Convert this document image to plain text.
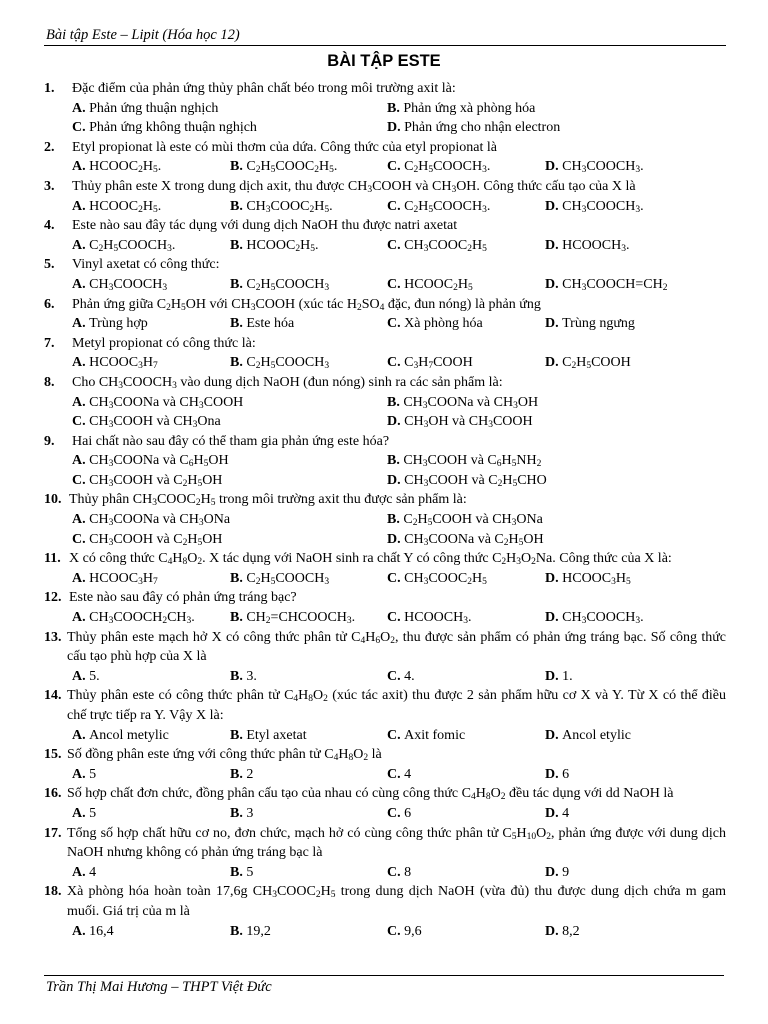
Bài tập Este – Lipit (Hóa học 12)
BÀI TẬP ESTE
1.	Đặc điểm của phản ứng thủy phân chất béo trong môi trường axit là:
A. Phản ứng thuận nghịch	B. Phản ứng xà phòng hóa
C. Phản ứng không thuận nghịch	D. Phản ứng cho nhận electron
2.	Etyl propionat là este có mùi thơm của dứa. Công thức của etyl propionat là
A. $HCOOC_2H_5$.	B. $C_2H_5COOC_2H_5$.	C. $C_2H_5COOCH_3$.	D. $CH_3COOCH_3$.
3.	Thủy phân este X trong dung dịch axit, thu được $CH_3COOH$ và $CH_3OH$. Công thức cấu tạo của X là
A. $HCOOC_2H_5$.	B. $CH_3COOC_2H_5$.	C. $C_2H_5COOCH_3$.	D. $CH_3COOCH_3$.
4.	Este nào sau đây tác dụng với dung dịch NaOH thu được natri axetat
A. $C_2H_5COOCH_3$.	B. $HCOOC_2H_5$.	C. $CH_3COOC_2H_5$	D. $HCOOCH_3$.
5.	Vinyl axetat có công thức:
A. $CH_3COOCH_3$	B. $C_2H_5COOCH_3$	C. $HCOOC_2H_5$	D. $CH_3COOCH=CH_2$
6.	Phản ứng giữa $C_2H_5OH$ với $CH_3COOH$ (xúc tác $H_2SO_4$ đặc, đun nóng) là phản ứng
A. Trùng hợp	B. Este hóa	C. Xà phòng hóa	D. Trùng ngưng
7.	Metyl propionat có công thức là:
A. $HCOOC_3H_7$	B. $C_2H_5COOCH_3$	C. $C_3H_7COOH$	D. $C_2H_5COOH$
8.	Cho $CH_3COOCH_3$ vào dung dịch NaOH (đun nóng) sinh ra các sản phẩm là:
A. $CH_3COONa$ và $CH_3COOH$	B. $CH_3COONa$ và $CH_3OH$
C. $CH_3COOH$ và $CH_3Ona$	D. $CH_3OH$ và $CH_3COOH$
9.	Hai chất nào sau đây có thể tham gia phản ứng este hóa?
A. $CH_3COONa$ và $C_6H_5OH$	B. $CH_3COOH$ và $C_6H_5NH_2$
C. $CH_3COOH$ và $C_2H_5OH$	D. $CH_3COOH$ và $C_2H_5CHO$
10. Thủy phân $CH_3COOC_2H_5$ trong môi trường axit thu được sản phẩm là:
A. $CH_3COONa$ và $CH_3ONa$	B. $C_2H_5COOH$ và $CH_3ONa$
C. $CH_3COOH$ và $C_2H_5OH$	D. $CH_3COONa$ và $C_2H_5OH$
11. X có công thức $C_4H_8O_2$. X tác dụng với NaOH sinh ra chất Y có công thức $C_2H_3O_2Na$. Công thức của X là:
A. $HCOOC_3H_7$	B. $C_2H_5COOCH_3$	C. $CH_3COOC_2H_5$	D. $HCOOC_3H_5$
12. Este nào sau đây có phản ứng tráng bạc?
A. $CH_3COOCH_2CH_3$.	B. $CH_2=CHCOOCH_3$.	C. $HCOOCH_3$.	D. $CH_3COOCH_3$.
13. Thủy phân este mạch hở X có công thức phân tử $C_4H_6O_2$, thu được sản phẩm có phản ứng tráng bạc. Số công thức cấu tạo phù hợp của X là
A. 5.	B. 3.	C. 4.	D. 1.
14. Thủy phân este có công thức phân tử $C_4H_8O_2$ (xúc tác axit) thu được 2 sản phẩm hữu cơ X và Y. Từ X có thể điều chế trực tiếp ra Y. Vậy X là:
A. Ancol metylic	B. Etyl axetat	C. Axit fomic	D. Ancol etylic
15. Số đồng phân este ứng với công thức phân tử $C_4H_8O_2$ là
A. 5	B. 2	C. 4	D. 6
16. Số hợp chất đơn chức, đồng phân cấu tạo của nhau có cùng công thức $C_4H_8O_2$ đều tác dụng với dd NaOH là
A. 5	B. 3	C. 6	D. 4
17. Tổng số hợp chất hữu cơ no, đơn chức, mạch hở có cùng công thức phân tử $C_5H_{10}O_2$, phản ứng được với dung dịch NaOH nhưng không có phản ứng tráng bạc là
A. 4	B. 5	C. 8	D. 9
18. Xà phòng hóa hoàn toàn 17,6g $CH_3COOC_2H_5$ trong dung dịch NaOH (vừa đủ) thu được dung dịch chứa m gam muối. Giá trị của m là
A. 16,4	B. 19,2	C. 9,6	D. 8,2
Trần Thị Mai Hương – THPT Việt Đức
